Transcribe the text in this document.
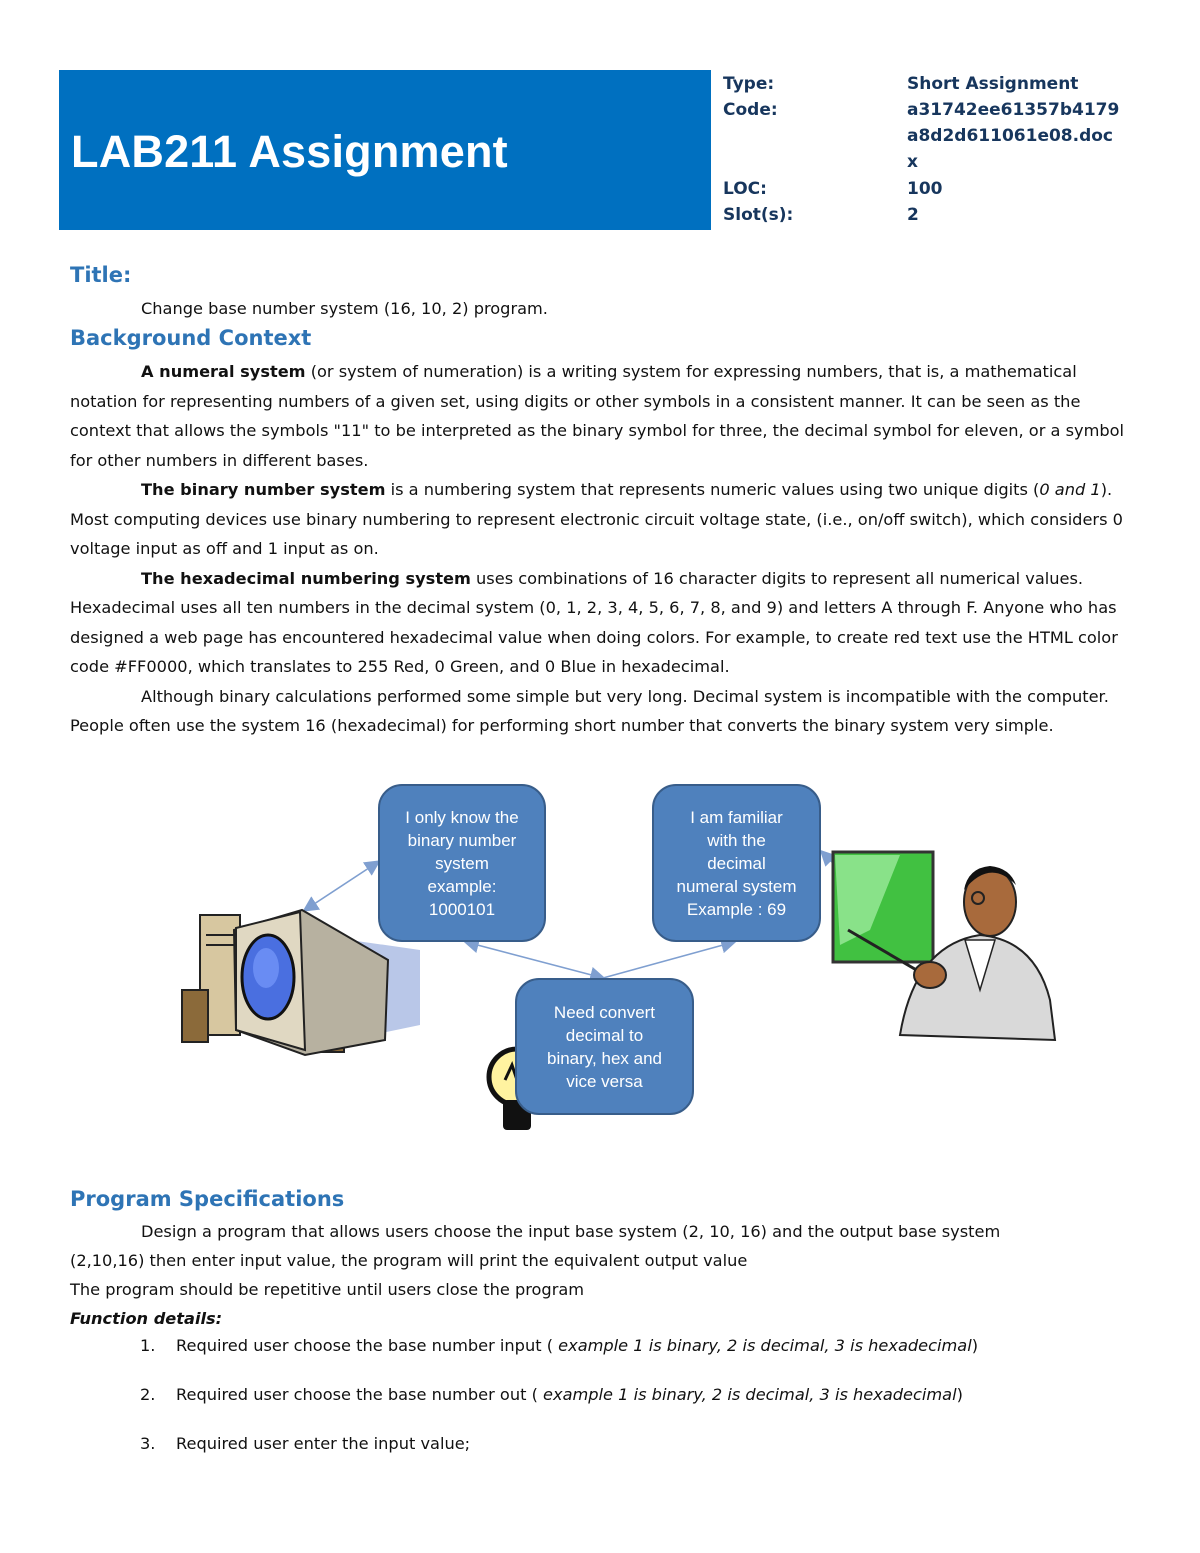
LAB211 Assignment
Type:	Short Assignment
Code:	a31742ee61357b4179
a8d2d611061e08.doc
x
LOC:	100
Slot(s):	2
Title:
Change base number system (16, 10, 2) program.
Background Context

A numeral system (or system of numeration) is a writing system for expressing numbers, that is, a mathematical notation for representing numbers of a given set, using digits or other symbols in a consistent manner. It can be seen as the context that allows the symbols "11" to be interpreted as the binary symbol for three, the decimal symbol for eleven, or a symbol for other numbers in different bases.

The binary number system is a numbering system that represents numeric values using two unique digits (0 and 1). Most computing devices use binary numbering to represent electronic circuit voltage state, (i.e., on/off switch), which considers 0 voltage input as off and 1 input as on.

The hexadecimal numbering system uses combinations of 16 character digits to represent all numerical values. Hexadecimal uses all ten numbers in the decimal system (0, 1, 2, 3, 4, 5, 6, 7, 8, and 9) and letters A through F. Anyone who has designed a web page has encountered hexadecimal value when doing colors. For example, to create red text use the HTML color code #FF0000, which translates to 255 Red, 0 Green, and 0 Blue in hexadecimal.

Although binary calculations performed some simple but very long. Decimal system is incompatible with the computer. People often use the system 16 (hexadecimal) for performing short number that converts the binary system very simple.

I only know the
binary number
system
example:
1000101
I am familiar
with the
decimal
numeral system
Example : 69
Need convert
decimal to
binary, hex and
vice versa
Program Specifications
Design a program that allows users choose the input base system (2, 10, 16) and the output base system
(2,10,16) then enter input value, the program will print the equivalent output value
The program should be repetitive until users close the program
Function details:
1. Required user choose the base number input ( example 1 is binary, 2 is decimal, 3 is hexadecimal)
2. Required user choose the base number out ( example 1 is binary, 2 is decimal, 3 is hexadecimal)
3. Required user enter the input value;
